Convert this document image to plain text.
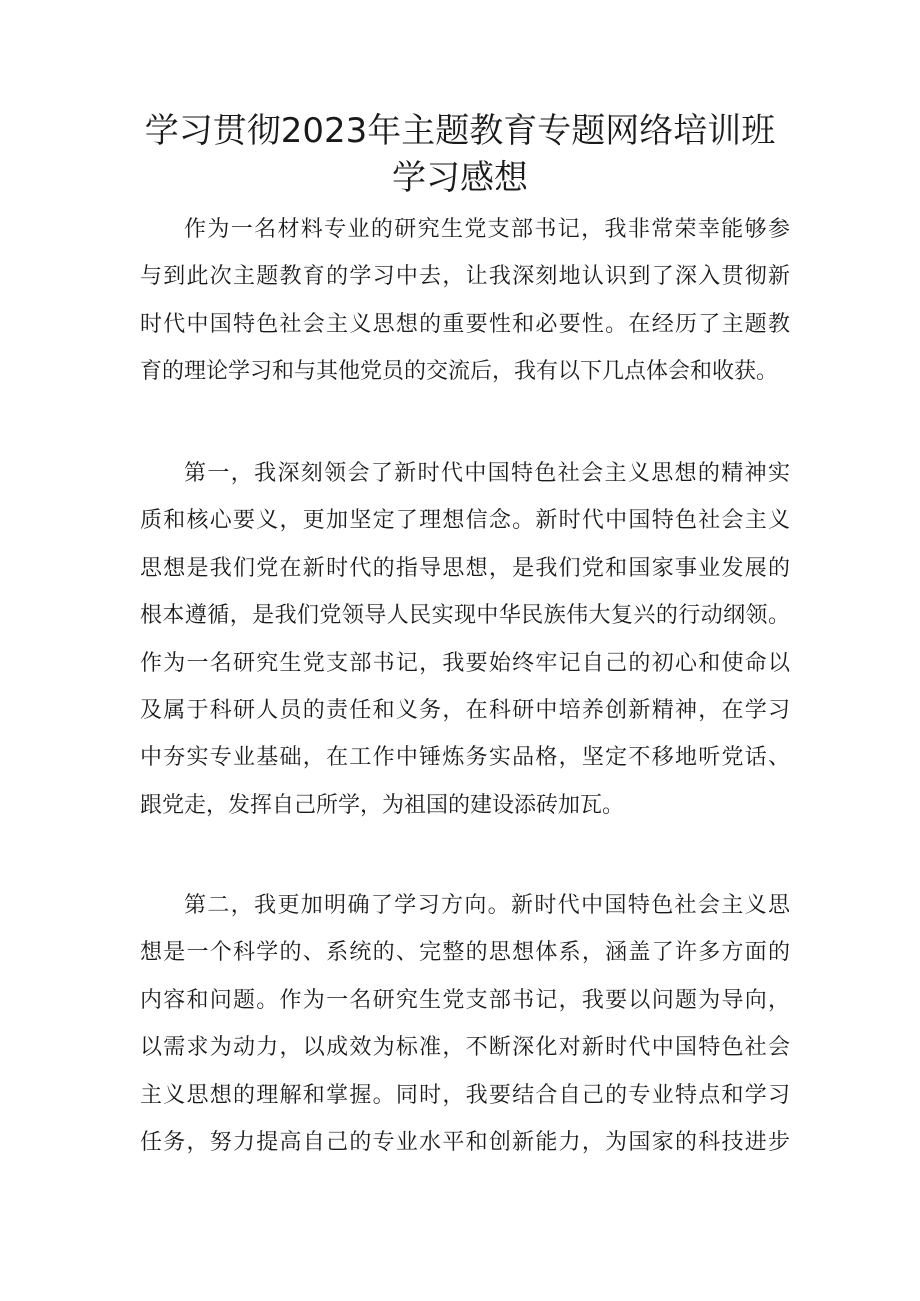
学习贯彻2023年主题教育专题网络培训班
学习感想
作为一名材料专业的研究生党支部书记，我非常荣幸能够参
与到此次主题教育的学习中去，让我深刻地认识到了深入贯彻新
时代中国特色社会主义思想的重要性和必要性。在经历了主题教
育的理论学习和与其他党员的交流后，我有以下几点体会和收获。
第一，我深刻领会了新时代中国特色社会主义思想的精神实
质和核心要义，更加坚定了理想信念。新时代中国特色社会主义
思想是我们党在新时代的指导思想，是我们党和国家事业发展的
根本遵循，是我们党领导人民实现中华民族伟大复兴的行动纲领。
作为一名研究生党支部书记，我要始终牢记自己的初心和使命以
及属于科研人员的责任和义务，在科研中培养创新精神，在学习
中夯实专业基础，在工作中锤炼务实品格，坚定不移地听党话、
跟党走，发挥自己所学，为祖国的建设添砖加瓦。
第二，我更加明确了学习方向。新时代中国特色社会主义思
想是一个科学的、系统的、完整的思想体系，涵盖了许多方面的
内容和问题。作为一名研究生党支部书记，我要以问题为导向，
以需求为动力，以成效为标准，不断深化对新时代中国特色社会
主义思想的理解和掌握。同时，我要结合自己的专业特点和学习
任务，努力提高自己的专业水平和创新能力，为国家的科技进步
